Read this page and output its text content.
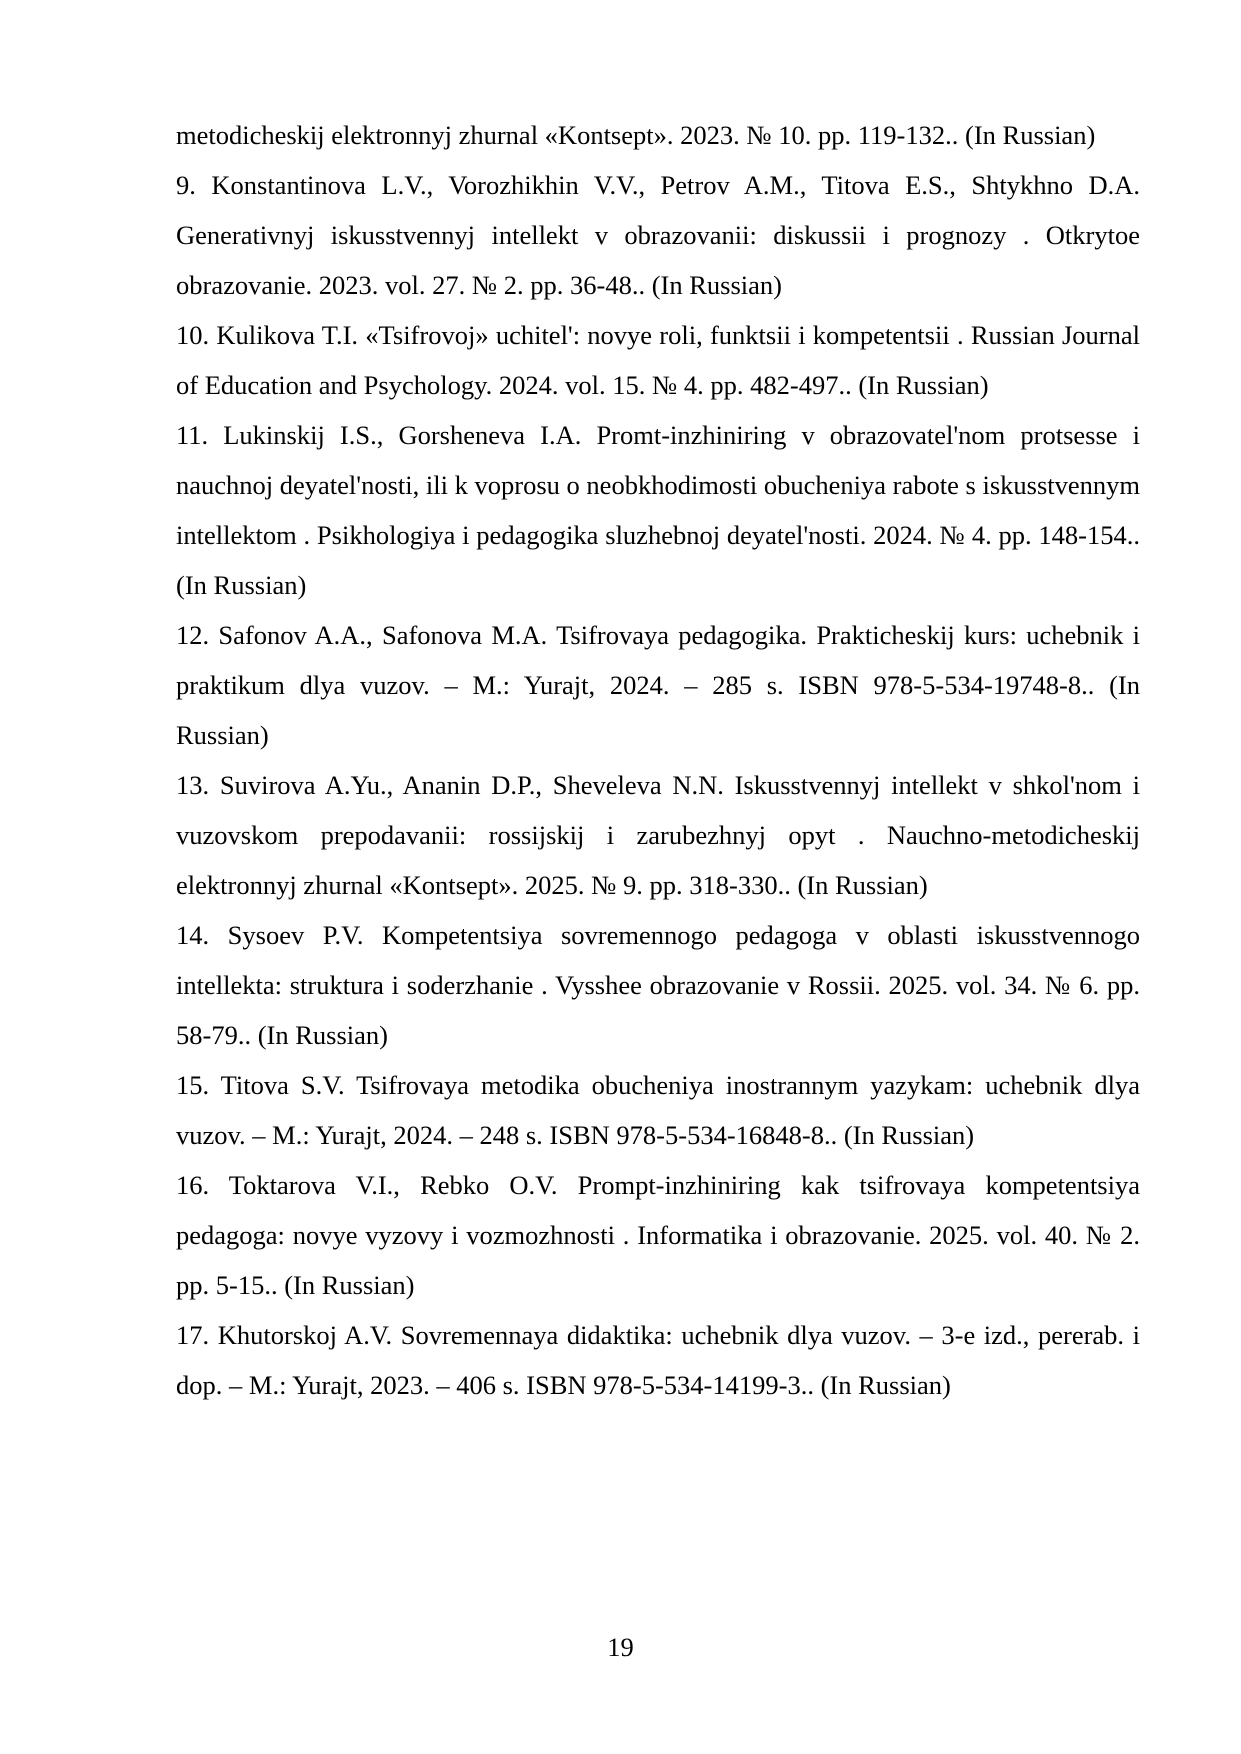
metodicheskij elektronnyj zhurnal «Kontsept». 2023. № 10. pp. 119-132.. (In Russian)

9. Konstantinova L.V., Vorozhikhin V.V., Petrov A.M., Titova E.S., Shtykhno D.A. Generativnyj iskusstvennyj intellekt v obrazovanii: diskussii i prognozy . Otkrytoe obrazovanie. 2023. vol. 27. № 2. pp. 36-48.. (In Russian)

10. Kulikova T.I. «Tsifrovoj» uchitel': novye roli, funktsii i kompetentsii . Russian Journal of Education and Psychology. 2024. vol. 15. № 4. pp. 482-497.. (In Russian)

11. Lukinskij I.S., Gorsheneva I.A. Promt-inzhiniring v obrazovatel'nom protsesse i nauchnoj deyatel'nosti, ili k voprosu o neobkhodimosti obucheniya rabote s iskusstvennym intellektom . Psikhologiya i pedagogika sluzhebnoj deyatel'nosti. 2024. № 4. pp. 148-154.. (In Russian)

12. Safonov A.A., Safonova M.A. Tsifrovaya pedagogika. Prakticheskij kurs: uchebnik i praktikum dlya vuzov. – M.: Yurajt, 2024. – 285 s. ISBN 978-5-534-19748-8.. (In Russian)

13. Suvirova A.Yu., Ananin D.P., Sheveleva N.N. Iskusstvennyj intellekt v shkol'nom i vuzovskom prepodavanii: rossijskij i zarubezhnyj opyt . Nauchno-metodicheskij elektronnyj zhurnal «Kontsept». 2025. № 9. pp. 318-330.. (In Russian)

14. Sysoev P.V. Kompetentsiya sovremennogo pedagoga v oblasti iskusstvennogo intellekta: struktura i soderzhanie . Vysshee obrazovanie v Rossii. 2025. vol. 34. № 6. pp. 58-79.. (In Russian)

15. Titova S.V. Tsifrovaya metodika obucheniya inostrannym yazykam: uchebnik dlya vuzov. – M.: Yurajt, 2024. – 248 s. ISBN 978-5-534-16848-8.. (In Russian)

16. Toktarova V.I., Rebko O.V. Prompt-inzhiniring kak tsifrovaya kompetentsiya pedagoga: novye vyzovy i vozmozhnosti . Informatika i obrazovanie. 2025. vol. 40. № 2. pp. 5-15.. (In Russian)

17. Khutorskoj A.V. Sovremennaya didaktika: uchebnik dlya vuzov. – 3-e izd., pererab. i dop. – M.: Yurajt, 2023. – 406 s. ISBN 978-5-534-14199-3.. (In Russian)

19
